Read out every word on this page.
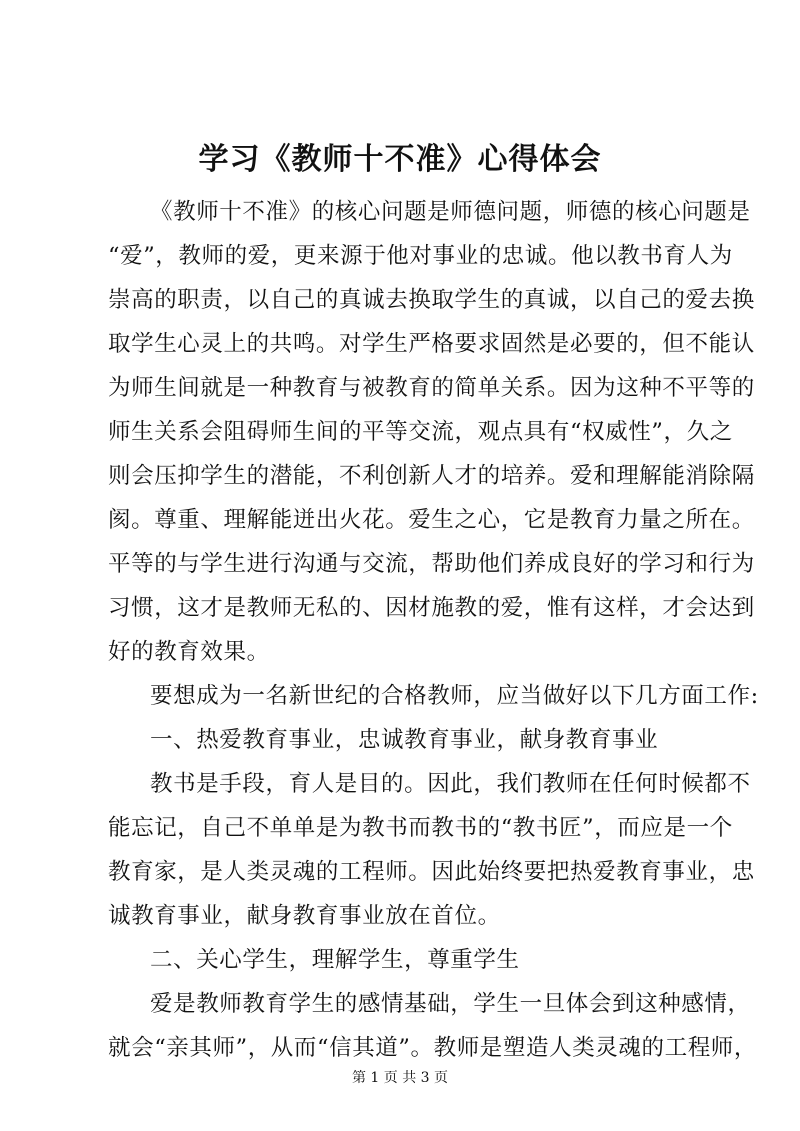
学习《教师十不准》心得体会
《教师十不准》的核心问题是师德问题，师德的核心问题是
“爱”，教师的爱，更来源于他对事业的忠诚。他以教书育人为
崇高的职责，以自己的真诚去换取学生的真诚，以自己的爱去换
取学生心灵上的共鸣。对学生严格要求固然是必要的，但不能认
为师生间就是一种教育与被教育的简单关系。因为这种不平等的
师生关系会阻碍师生间的平等交流，观点具有“权威性”，久之
则会压抑学生的潜能，不利创新人才的培养。爱和理解能消除隔
阂。尊重、理解能迸出火花。爱生之心，它是教育力量之所在。
平等的与学生进行沟通与交流，帮助他们养成良好的学习和行为
习惯，这才是教师无私的、因材施教的爱，惟有这样，才会达到
好的教育效果。
要想成为一名新世纪的合格教师，应当做好以下几方面工作:
一、热爱教育事业，忠诚教育事业，献身教育事业
教书是手段，育人是目的。因此，我们教师在任何时候都不
能忘记，自己不单单是为教书而教书的“教书匠”，而应是一个
教育家，是人类灵魂的工程师。因此始终要把热爱教育事业，忠
诚教育事业，献身教育事业放在首位。
二、关心学生，理解学生，尊重学生
爱是教师教育学生的感情基础，学生一旦体会到这种感情，
就会“亲其师”，从而“信其道”。教师是塑造人类灵魂的工程师，
第 1 页 共 3 页
